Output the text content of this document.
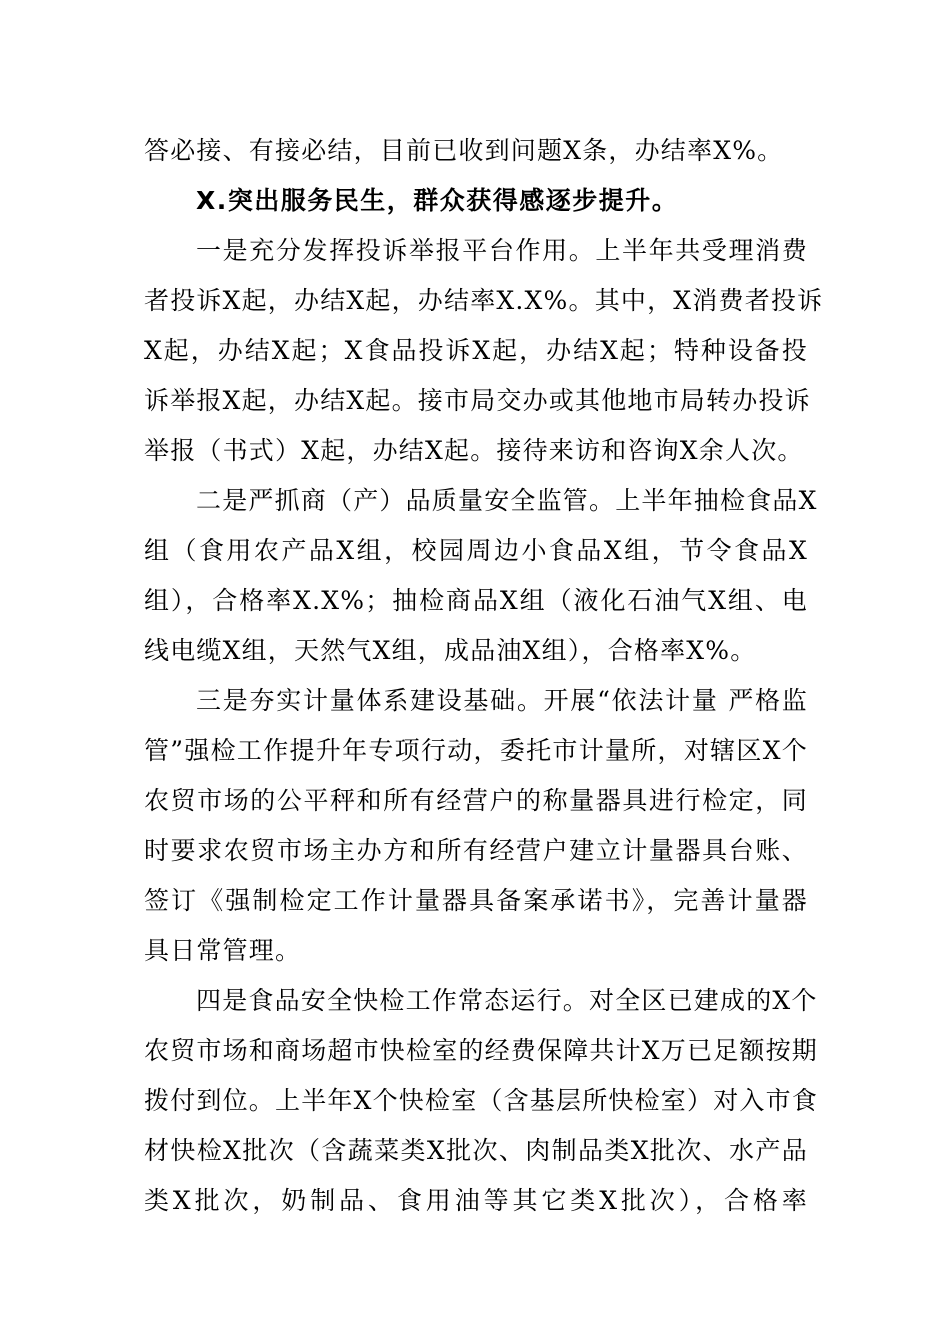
答必接、有接必结，目前已收到问题X条，办结率X%。
X.突出服务民生，群众获得感逐步提升。
一是充分发挥投诉举报平台作用。上半年共受理消费
者投诉X起，办结X起，办结率X.X%。其中，X消费者投诉
X起，办结X起；X食品投诉X起，办结X起；特种设备投
诉举报X起，办结X起。接市局交办或其他地市局转办投诉
举报（书式）X起，办结X起。接待来访和咨询X余人次。
二是严抓商（产）品质量安全监管。上半年抽检食品X
组（食用农产品X组，校园周边小食品X组，节令食品X
组），合格率X.X%；抽检商品X组（液化石油气X组、电
线电缆X组，天然气X组，成品油X组），合格率X%。
三是夯实计量体系建设基础。开展“依法计量 严格监
管”强检工作提升年专项行动，委托市计量所，对辖区X个
农贸市场的公平秤和所有经营户的称量器具进行检定，同
时要求农贸市场主办方和所有经营户建立计量器具台账、
签订《强制检定工作计量器具备案承诺书》，完善计量器
具日常管理。
四是食品安全快检工作常态运行。对全区已建成的X个
农贸市场和商场超市快检室的经费保障共计X万已足额按期
拨付到位。上半年X个快检室（含基层所快检室）对入市食
材快检X批次（含蔬菜类X批次、肉制品类X批次、水产品
类X批次，奶制品、食用油等其它类X批次），合格率
